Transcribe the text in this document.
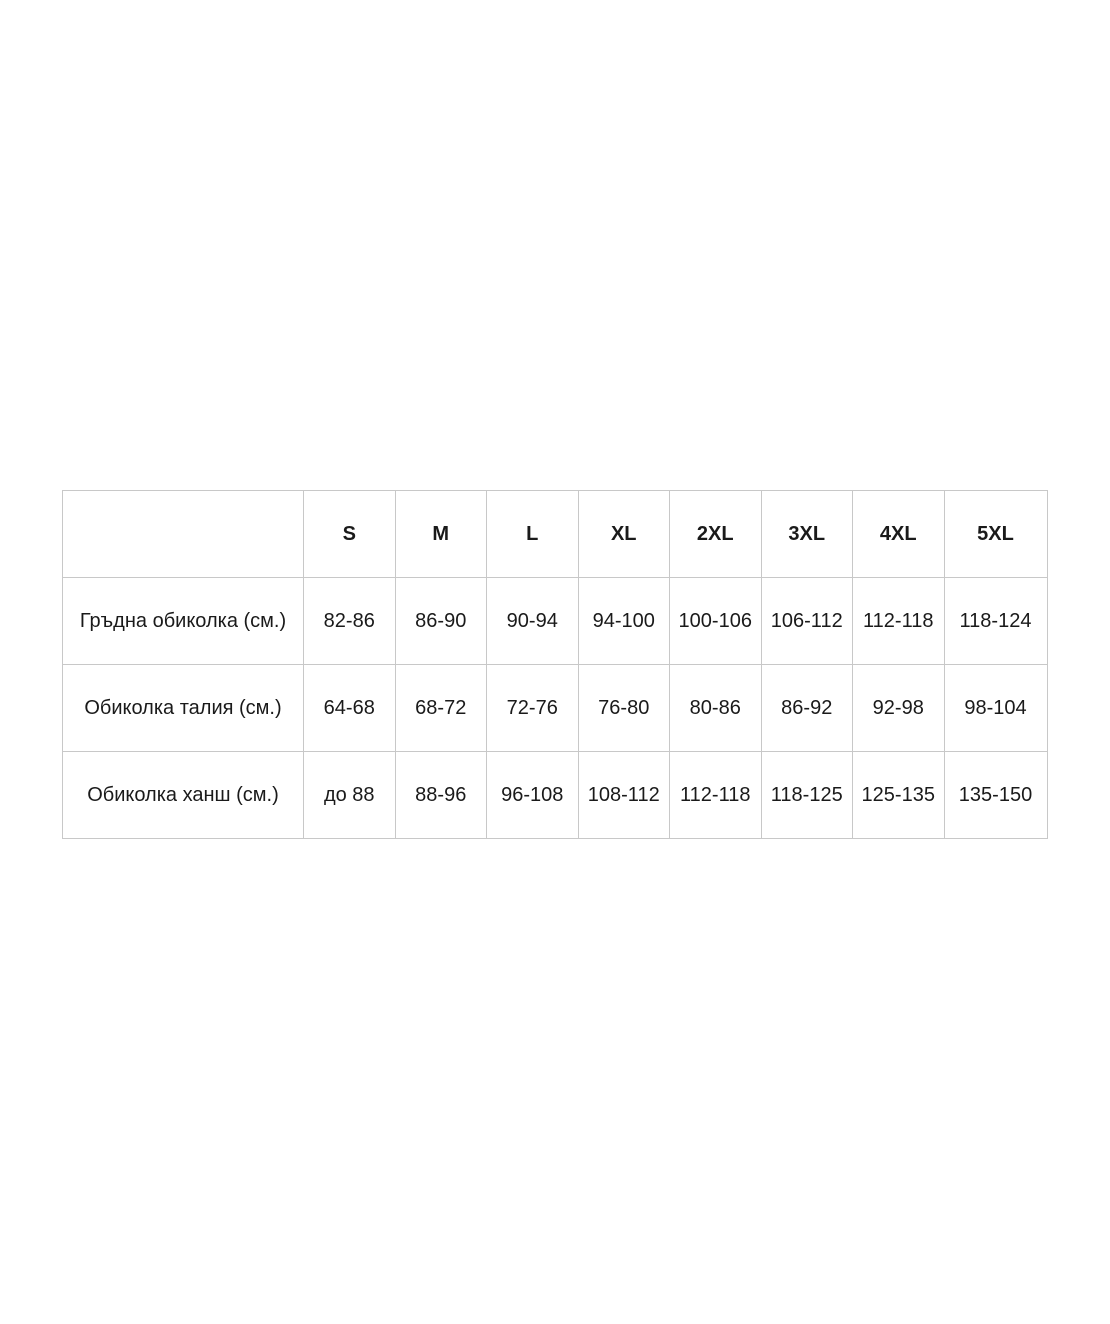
	S	M	L	XL	2XL	3XL	4XL	5XL
Гръдна обиколка (см.)	82-86	86-90	90-94	94-100	100-106	106-112	112-118	118-124
Обиколка талия (см.)	64-68	68-72	72-76	76-80	80-86	86-92	92-98	98-104
Обиколка ханш (см.)	до 88	88-96	96-108	108-112	112-118	118-125	125-135	135-150
